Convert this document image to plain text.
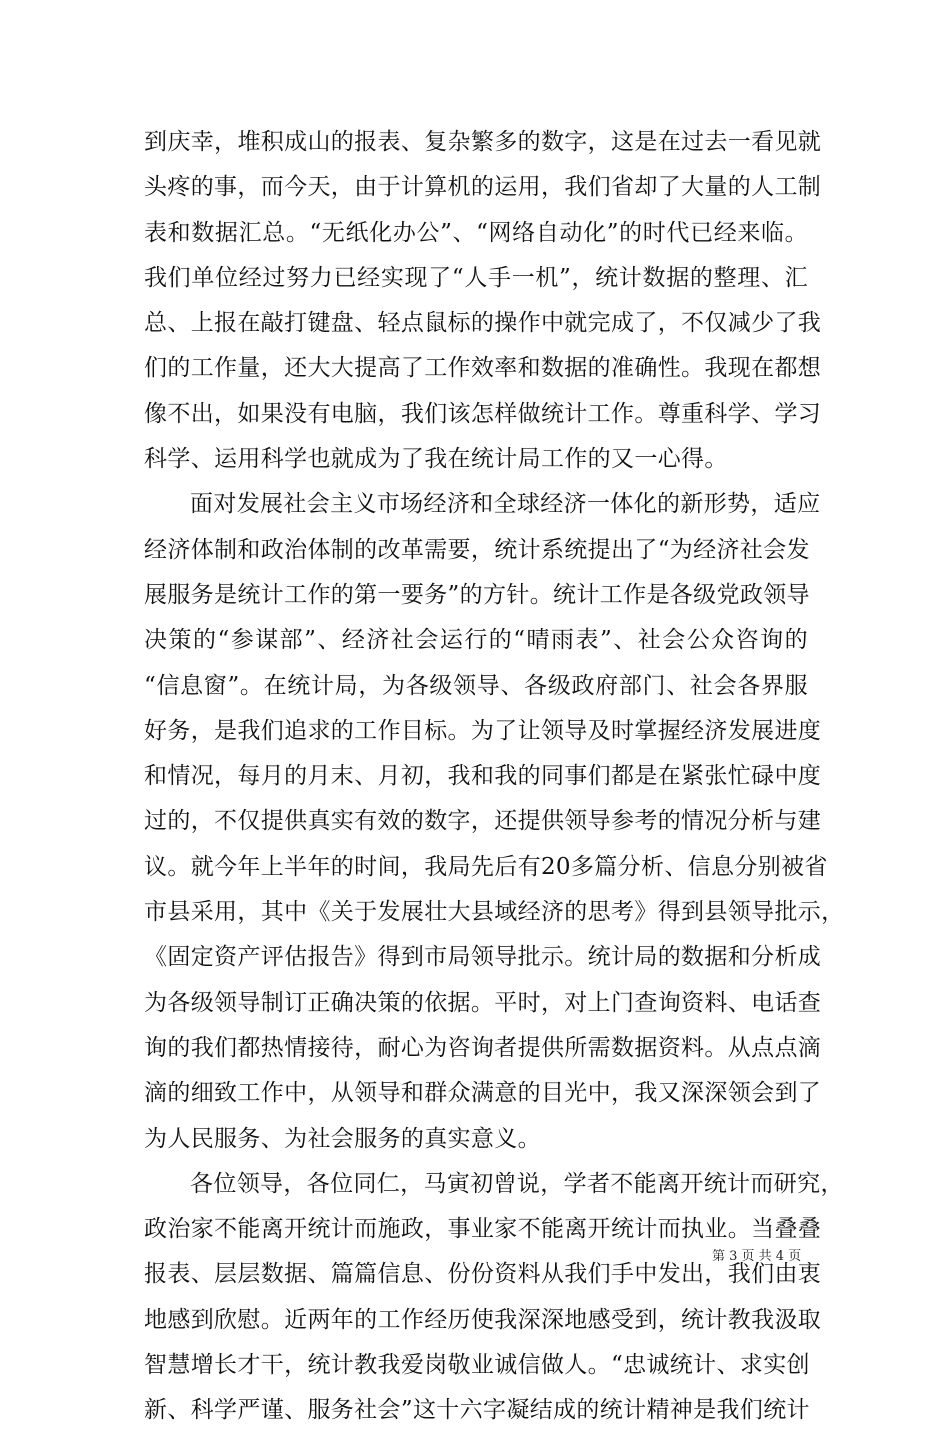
到庆幸，堆积成山的报表、复杂繁多的数字，这是在过去一看见就
头疼的事，而今天，由于计算机的运用，我们省却了大量的人工制
表和数据汇总。“无纸化办公”、“网络自动化”的时代已经来临。
我们单位经过努力已经实现了“人手一机”，统计数据的整理、汇
总、上报在敲打键盘、轻点鼠标的操作中就完成了，不仅减少了我
们的工作量，还大大提高了工作效率和数据的准确性。我现在都想
像不出，如果没有电脑，我们该怎样做统计工作。尊重科学、学习
科学、运用科学也就成为了我在统计局工作的又一心得。
面对发展社会主义市场经济和全球经济一体化的新形势，适应
经济体制和政治体制的改革需要，统计系统提出了“为经济社会发
展服务是统计工作的第一要务”的方针。统计工作是各级党政领导
决策的“参谋部”、经济社会运行的“晴雨表”、社会公众咨询的
“信息窗”。在统计局，为各级领导、各级政府部门、社会各界服
好务，是我们追求的工作目标。为了让领导及时掌握经济发展进度
和情况，每月的月末、月初，我和我的同事们都是在紧张忙碌中度
过的，不仅提供真实有效的数字，还提供领导参考的情况分析与建
议。就今年上半年的时间，我局先后有20多篇分析、信息分别被省
市县采用，其中《关于发展壮大县域经济的思考》得到县领导批示，
《固定资产评估报告》得到市局领导批示。统计局的数据和分析成
为各级领导制订正确决策的依据。平时，对上门查询资料、电话查
询的我们都热情接待，耐心为咨询者提供所需数据资料。从点点滴
滴的细致工作中，从领导和群众满意的目光中，我又深深领会到了
为人民服务、为社会服务的真实意义。
各位领导，各位同仁，马寅初曾说，学者不能离开统计而研究，
政治家不能离开统计而施政，事业家不能离开统计而执业。当叠叠
报表、层层数据、篇篇信息、份份资料从我们手中发出，我们由衷
地感到欣慰。近两年的工作经历使我深深地感受到，统计教我汲取
智慧增长才干，统计教我爱岗敬业诚信做人。“忠诚统计、求实创
新、科学严谨、服务社会”这十六字凝结成的统计精神是我们统计
第 3 页 共 4 页
